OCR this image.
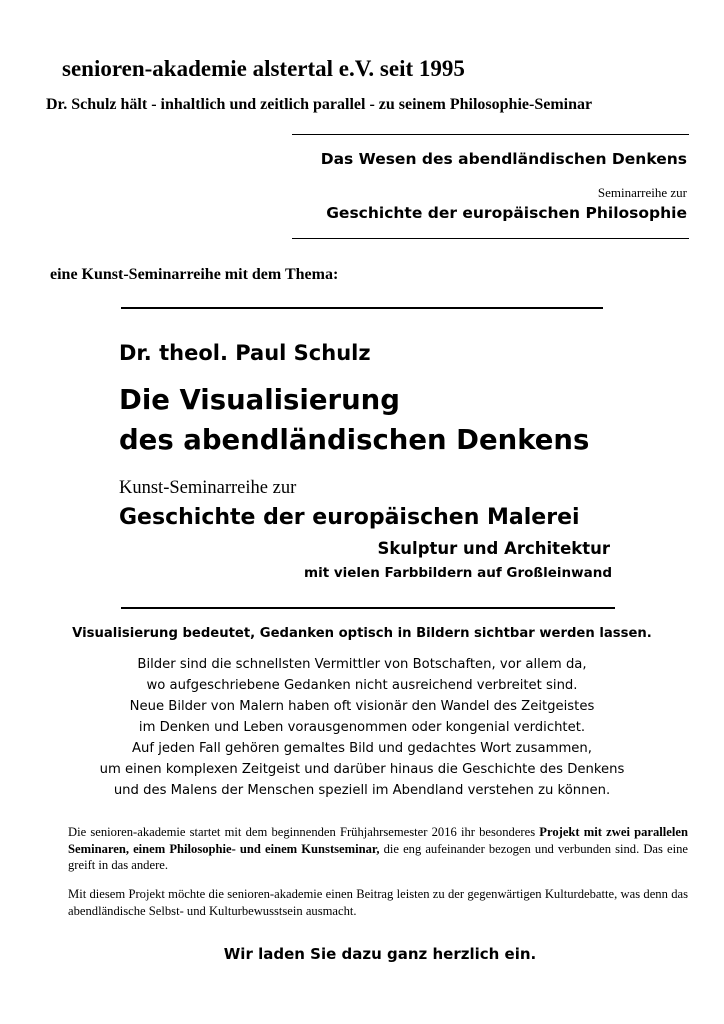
senioren-akademie alstertal e.V. seit 1995
Dr. Schulz hält - inhaltlich und zeitlich parallel - zu seinem Philosophie-Seminar
Das Wesen des abendländischen Denkens
Seminarreihe zur
Geschichte der europäischen Philosophie
eine Kunst-Seminarreihe mit dem Thema:
Dr. theol. Paul Schulz
Die Visualisierung
des abendländischen Denkens
Kunst-Seminarreihe zur
Geschichte der europäischen Malerei
Skulptur und Architektur
mit vielen Farbbildern auf Großleinwand
Visualisierung bedeutet, Gedanken optisch in Bildern sichtbar werden lassen.
Bilder sind die schnellsten Vermittler von Botschaften, vor allem da,
wo aufgeschriebene Gedanken nicht ausreichend verbreitet sind.
Neue Bilder von Malern haben oft visionär den Wandel des Zeitgeistes
im Denken und Leben vorausgenommen oder kongenial verdichtet.
Auf jeden Fall gehören gemaltes Bild und gedachtes Wort zusammen,
um einen komplexen Zeitgeist und darüber hinaus die Geschichte des Denkens
und des Malens der Menschen speziell im Abendland verstehen zu können.
Die senioren-akademie startet mit dem beginnenden Frühjahrsemester 2016 ihr besonderes Projekt mit zwei parallelen Seminaren, einem Philosophie- und einem Kunstseminar, die eng aufeinander bezogen und verbunden sind. Das eine greift in das andere.
Mit diesem Projekt möchte die senioren-akademie einen Beitrag leisten zu der gegenwärtigen Kulturdebatte, was denn das abendländische Selbst- und Kulturbewusstsein ausmacht.
Wir laden Sie dazu ganz herzlich ein.
